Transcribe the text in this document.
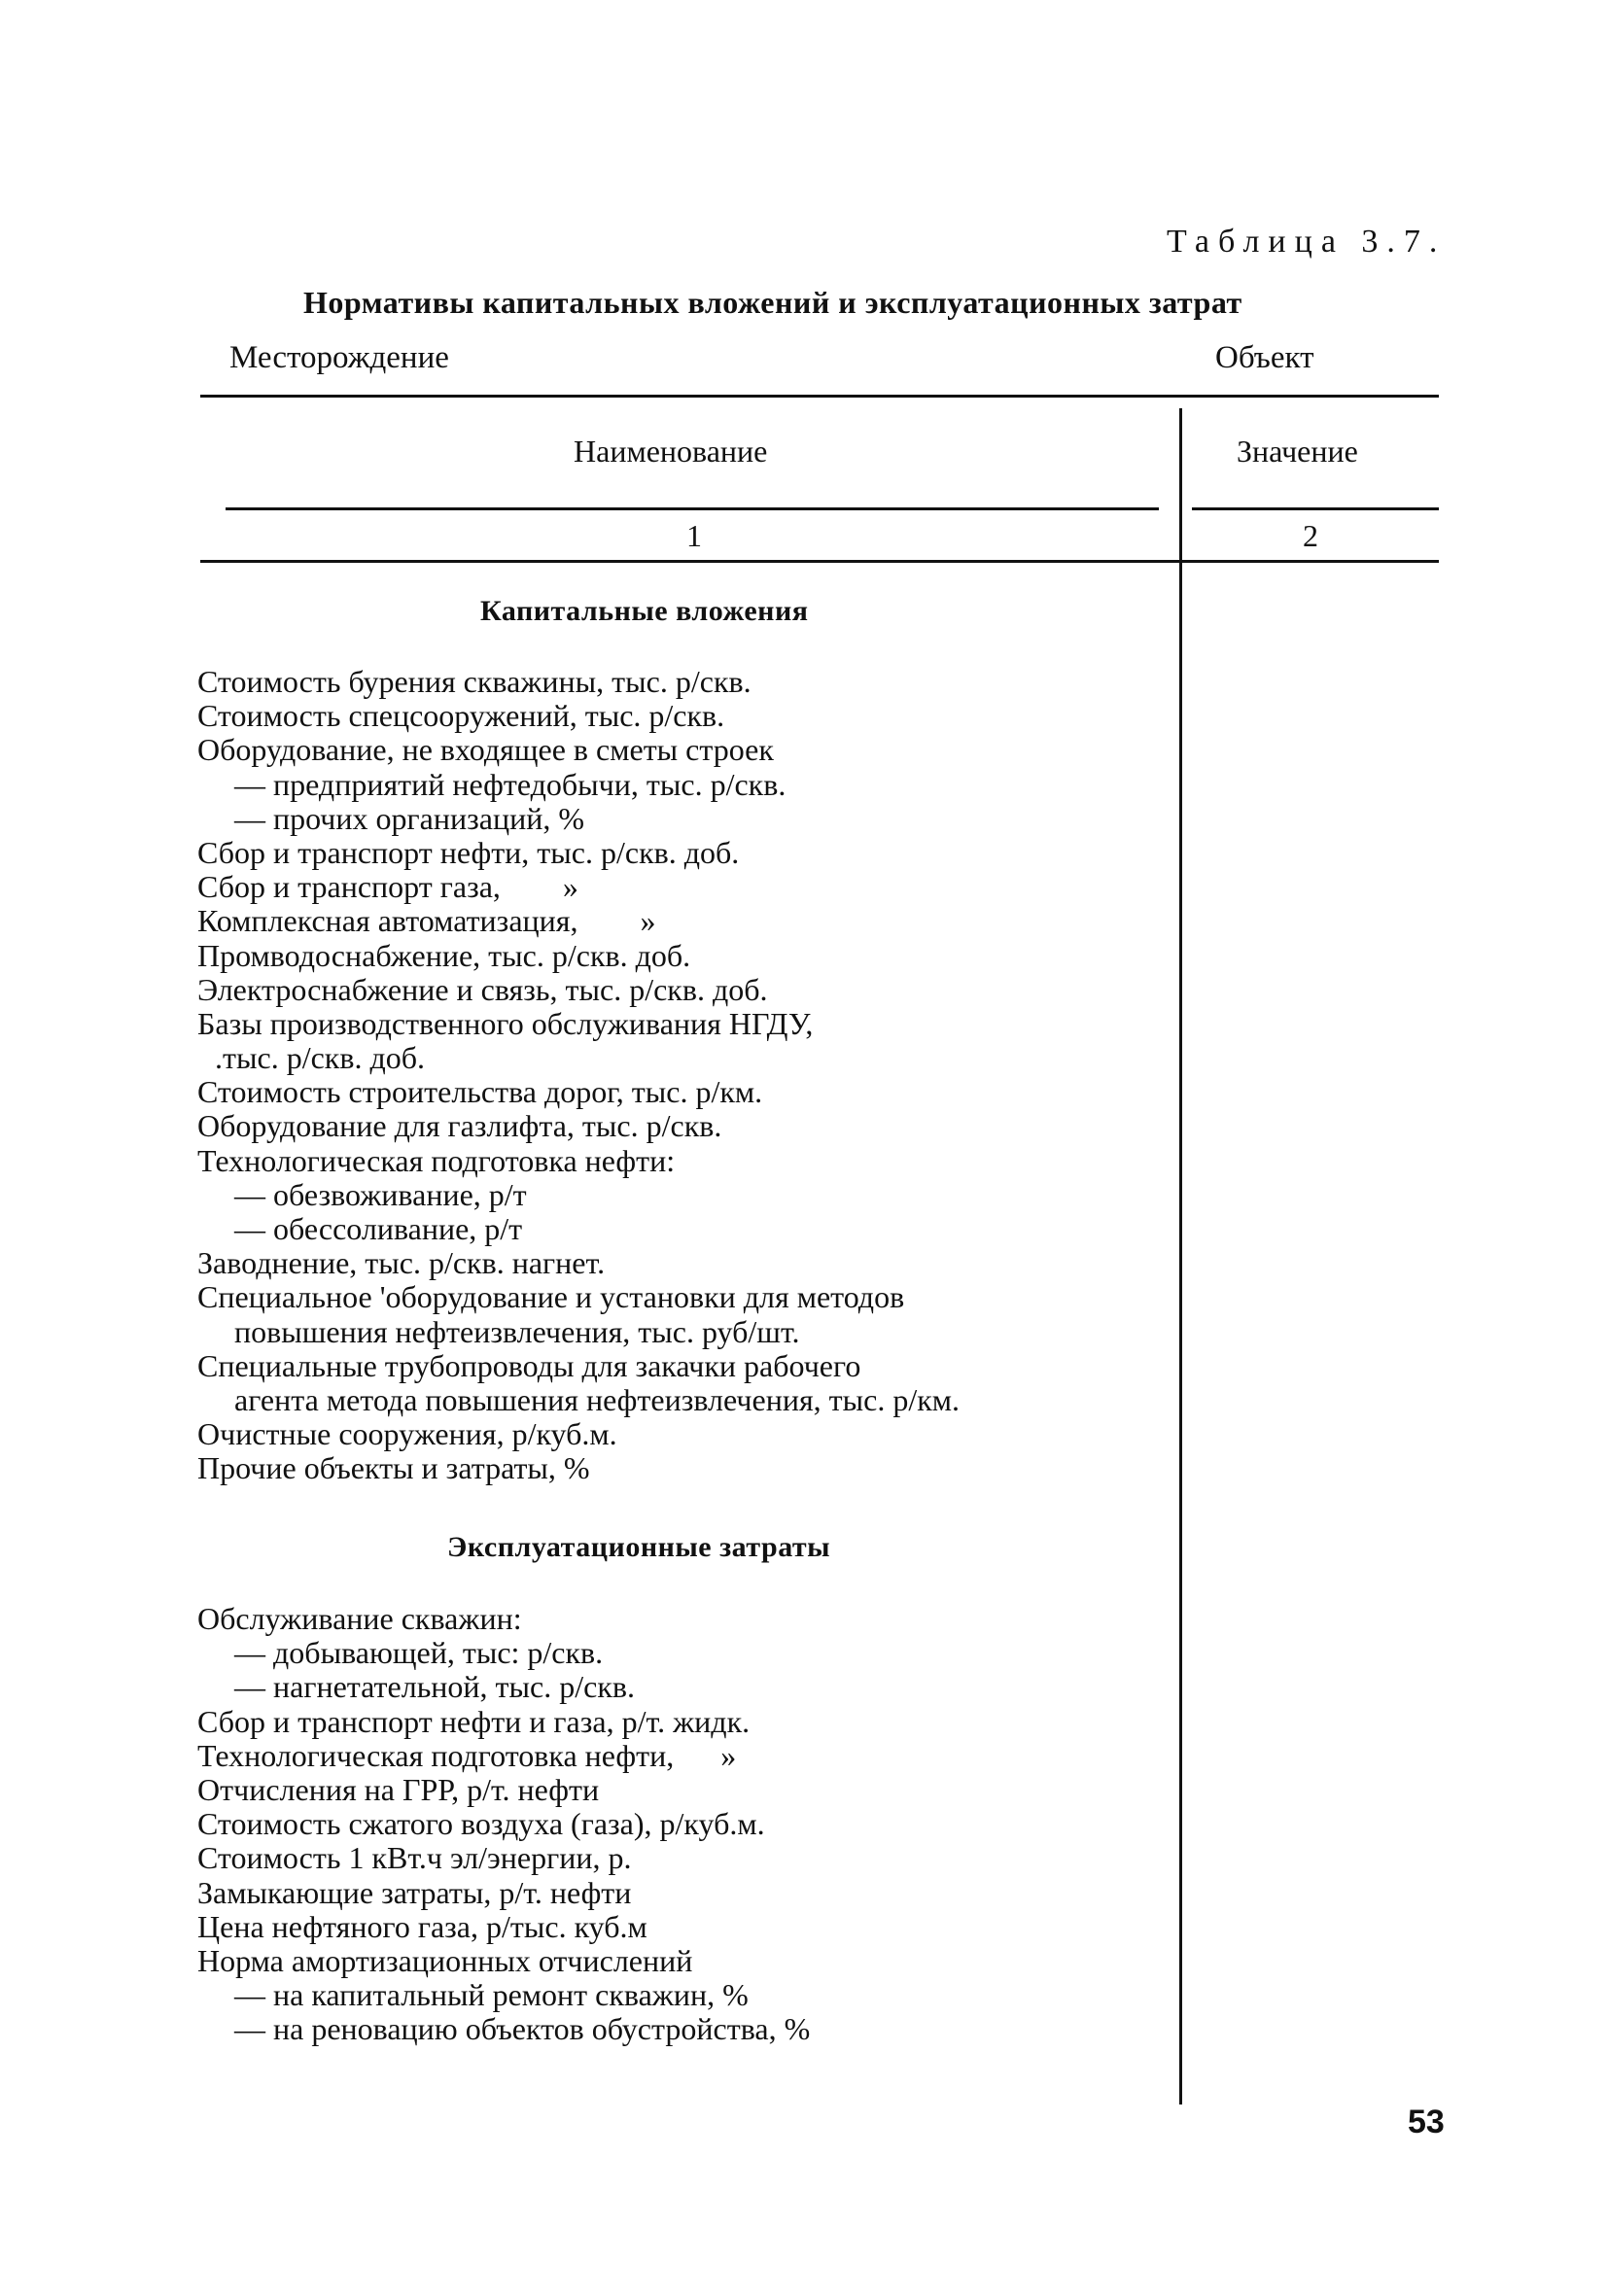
Таблица 3.7.
Нормативы капитальных вложений и эксплуатационных затрат
Месторождение	Объект
Наименование	Значение
1	2
Капитальные вложения
Стоимость бурения скважины, тыс. р/скв.
Стоимость спецсооружений, тыс. р/скв.
Оборудование, не входящее в сметы строек
— предприятий нефтедобычи, тыс. р/скв.
— прочих организаций, %
Сбор и транспорт нефти, тыс. р/скв. доб.
Сбор и транспорт газа,        »
Комплексная автоматизация,        »
Промводоснабжение, тыс. р/скв. доб.
Электроснабжение и связь, тыс. р/скв. доб.
Базы производственного обслуживания НГДУ,
.тыс. р/скв. доб.
Стоимость строительства дорог, тыс. р/км.
Оборудование для газлифта, тыс. р/скв.
Технологическая подготовка нефти:
— обезвоживание, р/т
— обессоливание, р/т
Заводнение, тыс. р/скв. нагнет.
Специальное 'оборудование и установки для методов
повышения нефтеизвлечения, тыс. руб/шт.
Специальные трубопроводы для закачки рабочего
агента метода повышения нефтеизвлечения, тыс. р/км.
Очистные сооружения, р/куб.м.
Прочие объекты и затраты, %
Эксплуатационные затраты
Обслуживание скважин:
— добывающей, тыс: р/скв.
— нагнетательной, тыс. р/скв.
Сбор и транспорт нефти и газа, р/т. жидк.
Технологическая подготовка нефти,      »
Отчисления на ГРР, р/т. нефти
Стоимость сжатого воздуха (газа), р/куб.м.
Стоимость 1 кВт.ч эл/энергии, р.
Замыкающие затраты, р/т. нефти
Цена нефтяного газа, р/тыс. куб.м
Норма амортизационных отчислений
— на капитальный ремонт скважин, %
— на реновацию объектов обустройства, %
53
